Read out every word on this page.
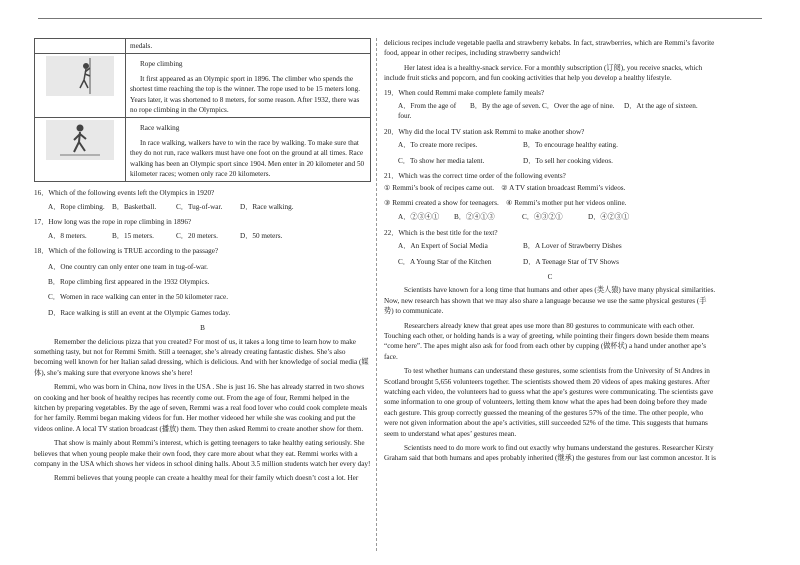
	medals.

Rope climbing

It first appeared as an Olympic sport in 1896. The climber who spends the shortest time reaching the top is the winner. The rope used to be 15 meters long. Years later, it was shortened to 8 meters, for some reason. After 1932, there was no rope climbing in the Olympics.

Race walking

In race walking, walkers have to win the race by walking. To make sure that they do not run, race walkers must have one foot on the ground at all times. Race walking has been an Olympic sport since 1904. Men enter in 20 kilometer and 50 kilometer races; women only race 20 kilometers.

16．Which of the following events left the Olympics in 1920?
A．Rope climbing.	B．Basketball.	C．Tug-of-war.	D．Race walking.
17．How long was the rope in rope climbing in 1896?
A．8 meters.	B．15 meters.	C．20 meters.	D．50 meters.
18．Which of the following is TRUE according to the passage?
A．One country can only enter one team in tug-of-war.
B．Rope climbing first appeared in the 1932 Olympics.
C．Women in race walking can enter in the 50 kilometer race.
D．Race walking is still an event at the Olympic Games today.
B

Remember the delicious pizza that you created? For most of us, it takes a long time to learn how to make something tasty, but not for Remmi Smith. Still a teenager, she’s already creating fantastic dishes. She’s also becoming well known for her Italian salad dressing, which is delicious. And with her knowledge of social media (媒体), she’s making sure that everyone knows she’s here!

Remmi, who was born in China, now lives in the USA . She is just 16. She has already starred in two shows on cooking and her book of healthy recipes has recently come out. From the age of four, Remmi helped in the kitchen by preparing vegetables. By the age of seven, Remmi was a real food lover who could cook complete meals for her family. Remmi began making videos for fun. Her mother videoed her while she was cooking and put the videos online. A local TV station broadcast (播放) them. They then asked Remmi to create another show for them.

That show is mainly about Remmi’s interest, which is getting teenagers to take healthy eating seriously. She believes that when young people make their own food, they care more about what they eat. Remmi works with a company in the USA which shows her videos in school dining halls. About 3.5 million students watch her every day!

Remmi believes that young people can create a healthy meal for their family which doesn’t cost a lot. Her

delicious recipes include vegetable paella and strawberry kebabs. In fact, strawberries, which are Remmi’s favorite food, appear in other recipes, including strawberry sandwich!

Her latest idea is a healthy-snack service. For a monthly subscription (订阅), you receive snacks, which include fruit sticks and popcorn, and fun cooking activities that help you develop a healthy lifestyle.

19．When could Remmi make complete family meals?
A．From the age of four.
B．By the age of seven. C．Over the age of nine.	D．At the age of sixteen.
20．Why did the local TV station ask Remmi to make another show?
A．To create more recipes.	B．To encourage healthy eating.
C．To show her media talent.	D．To sell her cooking videos.
21．Which was the correct time order of the following events?

① Remmi’s book of recipes came out.　② A TV station broadcast Remmi’s videos.

③ Remmi created a show for teenagers.　④ Remmi’s mother put her videos online.

A．②③④①	B．②④①③	C．④③②①	D．④②③①
22．Which is the best title for the text?
A．An Expert of Social Media	B．A Lover of Strawberry Dishes
C．A Young Star of the Kitchen	D．A Teenage Star of TV Shows
C

Scientists have known for a long time that humans and other apes (类人猿) have many physical similarities. Now, new research has shown that we may also share a language because we use the same physical gestures (手势) to communicate.

Researchers already knew that great apes use more than 80 gestures to communicate with each other. Touching each other, or holding hands is a way of greeting, while pointing their fingers down beside them means “come here”. The apes might also ask for food from each other by cupping (做杯状) a hand under another ape’s face.

To test whether humans can understand these gestures, some scientists from the University of St Andres in Scotland brought 5,656 volunteers together. The scientists showed them 20 videos of apes making gestures. After watching each video, the volunteers had to guess what the ape’s gestures were communicating. The scientists gave some information to one group of volunteers, letting them know what the apes had been doing before they made each gesture. This group correctly guessed the meaning of the gestures 57% of the time. The other people, who were not given information about the ape’s activities, still succeeded 52% of the time. This suggests that humans seem to understand what apes’ gestures mean.

Scientists need to do more work to find out exactly why humans understand the gestures. Researcher Kirsty Graham said that both humans and apes probably inherited (继承) the gestures from our last common ancestor. It is
